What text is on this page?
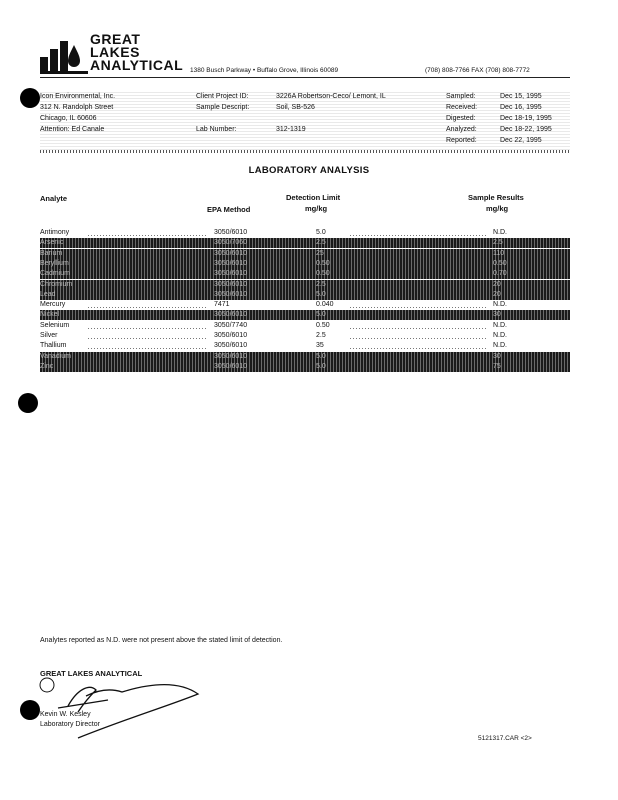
GREAT
LAKES
ANALYTICAL 1380 Busch Parkway • Buffalo Grove, Illinois 60089	(708) 808-7766 FAX (708) 808-7772
Icon Environmental, Inc.
312 N. Randolph Street
Chicago, IL 60606
Attention: Ed Canale
Client Project ID:	3226A Robertson-Ceco/ Lemont, IL
Sample Descript:	Soil, SB-526
Lab Number:	312-1319
Sampled:	Dec 15, 1995
Received:	Dec 16, 1995
Digested:	Dec 18-19, 1995
Analyzed:	Dec 18-22, 1995
Reported:	Dec 22, 1995
LABORATORY ANALYSIS
Analyte
EPA Method
Detection Limit
mg/kg
Sample Results
mg/kg
Antimony	3050/6010	5.0	N.D.
Arsenic	3050/7060	2.5	2.5
Barium	3050/6010	25	110
Beryllium	3050/6010	0.50	0.50
Cadmium	3050/6010	0.50	0.70
Chromium	3050/6010	2.5	20
Lead	3050/6010	5.0	20
Mercury	7471	0.040	N.D.
Nickel	3050/6010	5.0	30
Selenium	3050/7740	0.50	N.D.
Silver	3050/6010	2.5	N.D.
Thallium	3050/6010	35	N.D.
Vanadium	3050/6010	5.0	30
Zinc	3050/6010	5.0	75
Analytes reported as N.D. were not present above the stated limit of detection.
GREAT LAKES ANALYTICAL
Kevin W. Kesley
Laboratory Director
5121317.CAR <2>
